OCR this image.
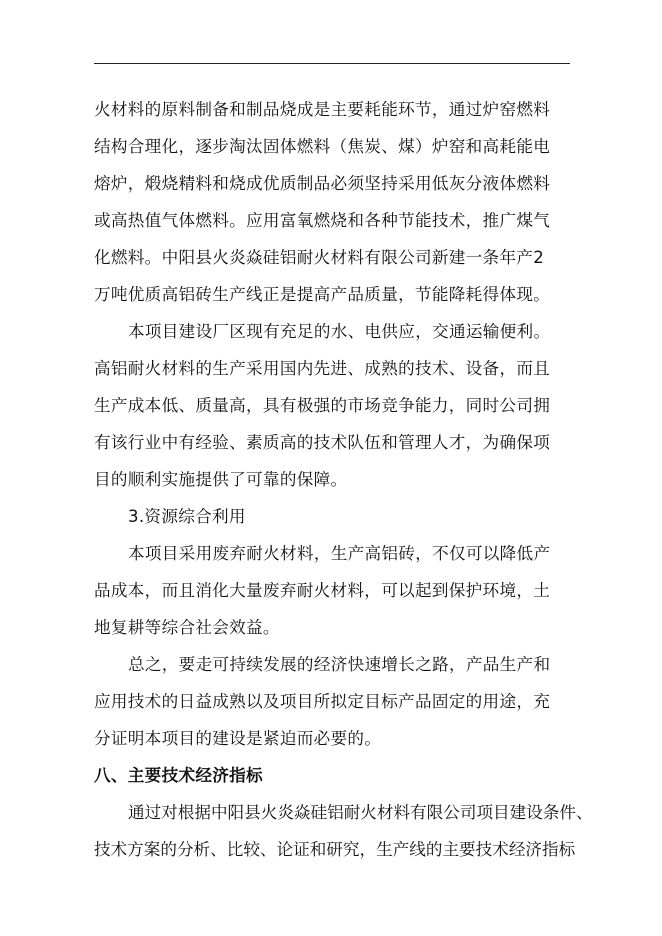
火材料的原料制备和制品烧成是主要耗能环节，通过炉窑燃料
结构合理化，逐步淘汰固体燃料（焦炭、煤）炉窑和高耗能电
熔炉，煅烧精料和烧成优质制品必须坚持采用低灰分液体燃料
或高热值气体燃料。应用富氧燃烧和各种节能技术，推广煤气
化燃料。中阳县火炎焱硅铝耐火材料有限公司新建一条年产2
万吨优质高铝砖生产线正是提高产品质量，节能降耗得体现。
本项目建设厂区现有充足的水、电供应，交通运输便利。
高铝耐火材料的生产采用国内先进、成熟的技术、设备，而且
生产成本低、质量高，具有极强的市场竞争能力，同时公司拥
有该行业中有经验、素质高的技术队伍和管理人才，为确保项
目的顺利实施提供了可靠的保障。
3.资源综合利用
本项目采用废弃耐火材料，生产高铝砖，不仅可以降低产
品成本，而且消化大量废弃耐火材料，可以起到保护环境，土
地复耕等综合社会效益。
总之，要走可持续发展的经济快速增长之路，产品生产和
应用技术的日益成熟以及项目所拟定目标产品固定的用途，充
分证明本项目的建设是紧迫而必要的。
八、主要技术经济指标
通过对根据中阳县火炎焱硅铝耐火材料有限公司项目建设条件、
技术方案的分析、比较、论证和研究，生产线的主要技术经济指标
